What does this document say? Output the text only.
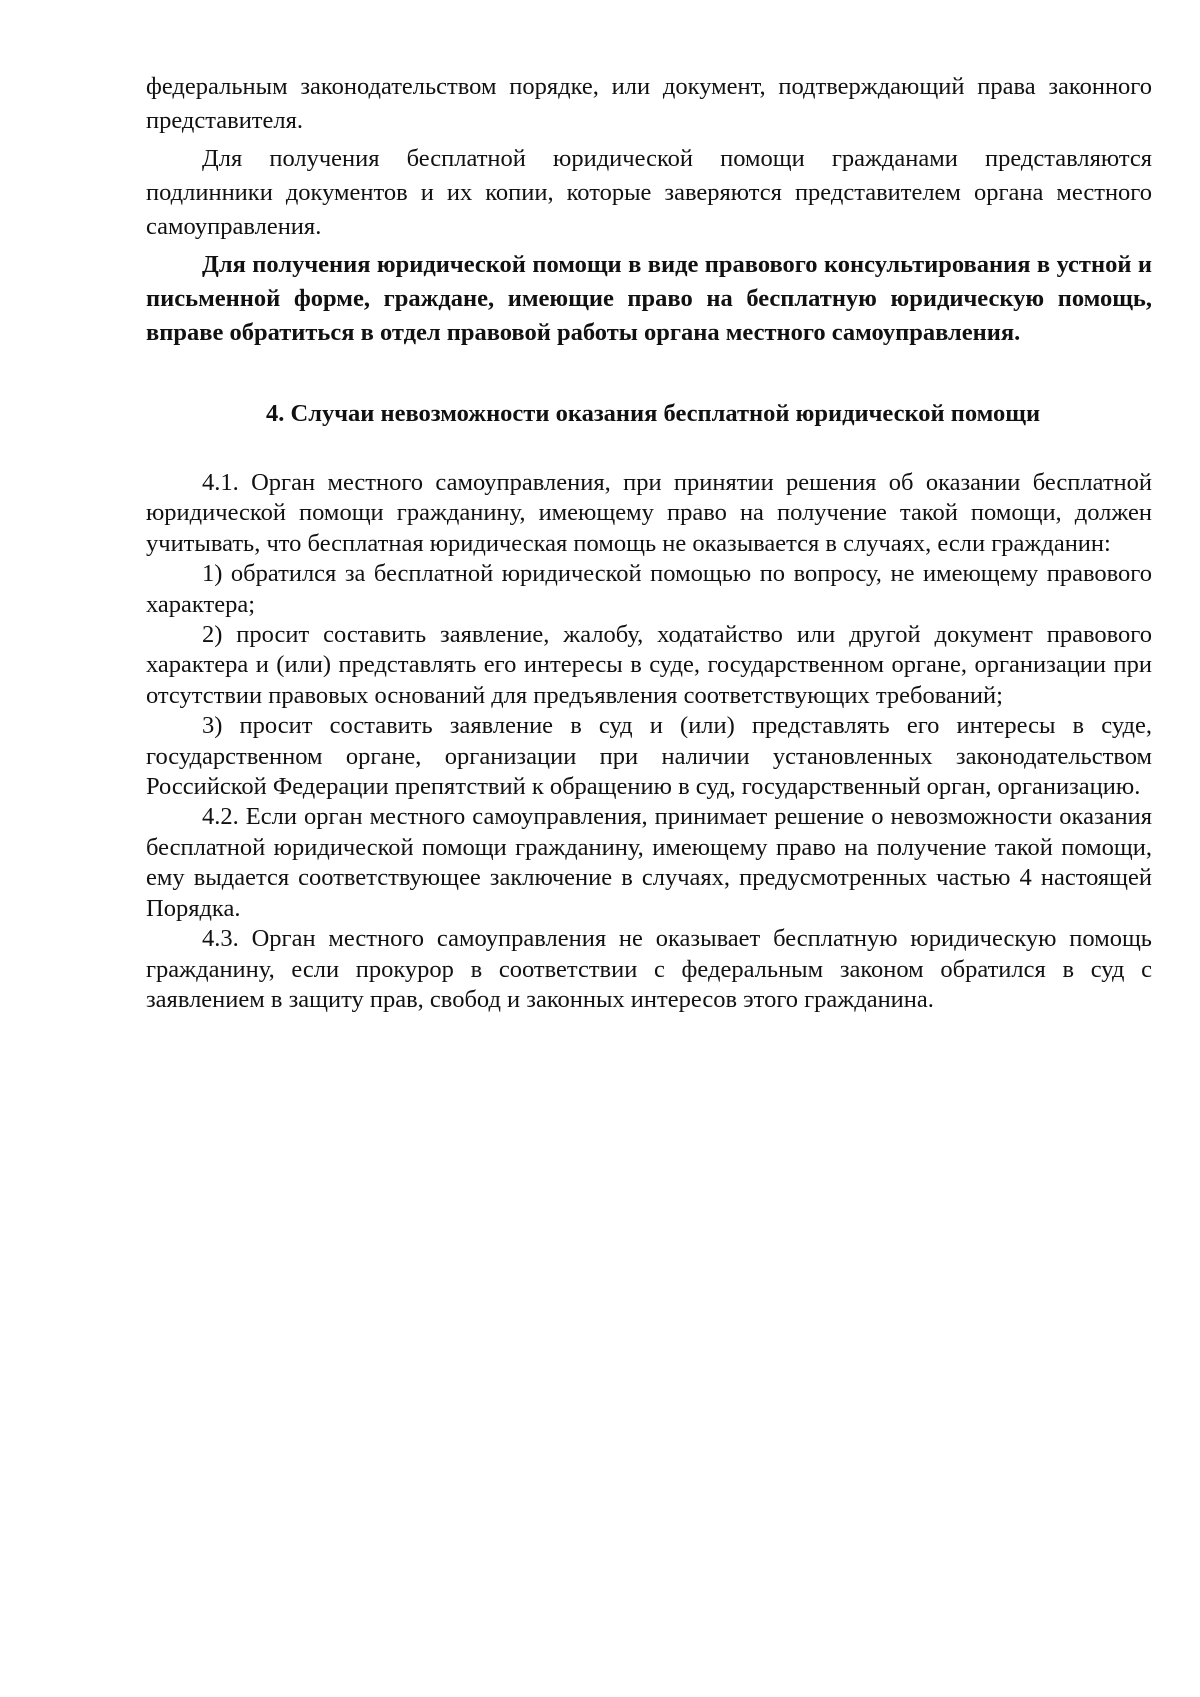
федеральным законодательством порядке, или документ, подтверждающий права законного представителя.

Для получения бесплатной юридической помощи гражданами представляются подлинники документов и их копии, которые заверяются представителем органа местного самоуправления.

Для получения юридической помощи в виде правового консультирования в устной и письменной форме, граждане, имеющие право на бесплатную юридическую помощь, вправе обратиться в отдел правовой работы органа местного самоуправления.

4. Случаи невозможности оказания бесплатной юридической помощи

4.1. Орган местного самоуправления, при принятии решения об оказании бесплатной юридической помощи гражданину, имеющему право на получение такой помощи, должен учитывать, что бесплатная юридическая помощь не оказывается в случаях, если гражданин:

1) обратился за бесплатной юридической помощью по вопросу, не имеющему правового характера;

2) просит составить заявление, жалобу, ходатайство или другой документ правового характера и (или) представлять его интересы в суде, государственном органе, организации при отсутствии правовых оснований для предъявления соответствующих требований;

3) просит составить заявление в суд и (или) представлять его интересы в суде, государственном органе, организации при наличии установленных законодательством Российской Федерации препятствий к обращению в суд, государственный орган, организацию.

4.2. Если орган местного самоуправления, принимает решение о невозможности оказания бесплатной юридической помощи гражданину, имеющему право на получение такой помощи, ему выдается соответствующее заключение в случаях, предусмотренных частью 4 настоящей Порядка.

4.3. Орган местного самоуправления не оказывает бесплатную юридическую помощь гражданину, если прокурор в соответствии с федеральным законом обратился в суд с заявлением в защиту прав, свобод и законных интересов этого гражданина.
